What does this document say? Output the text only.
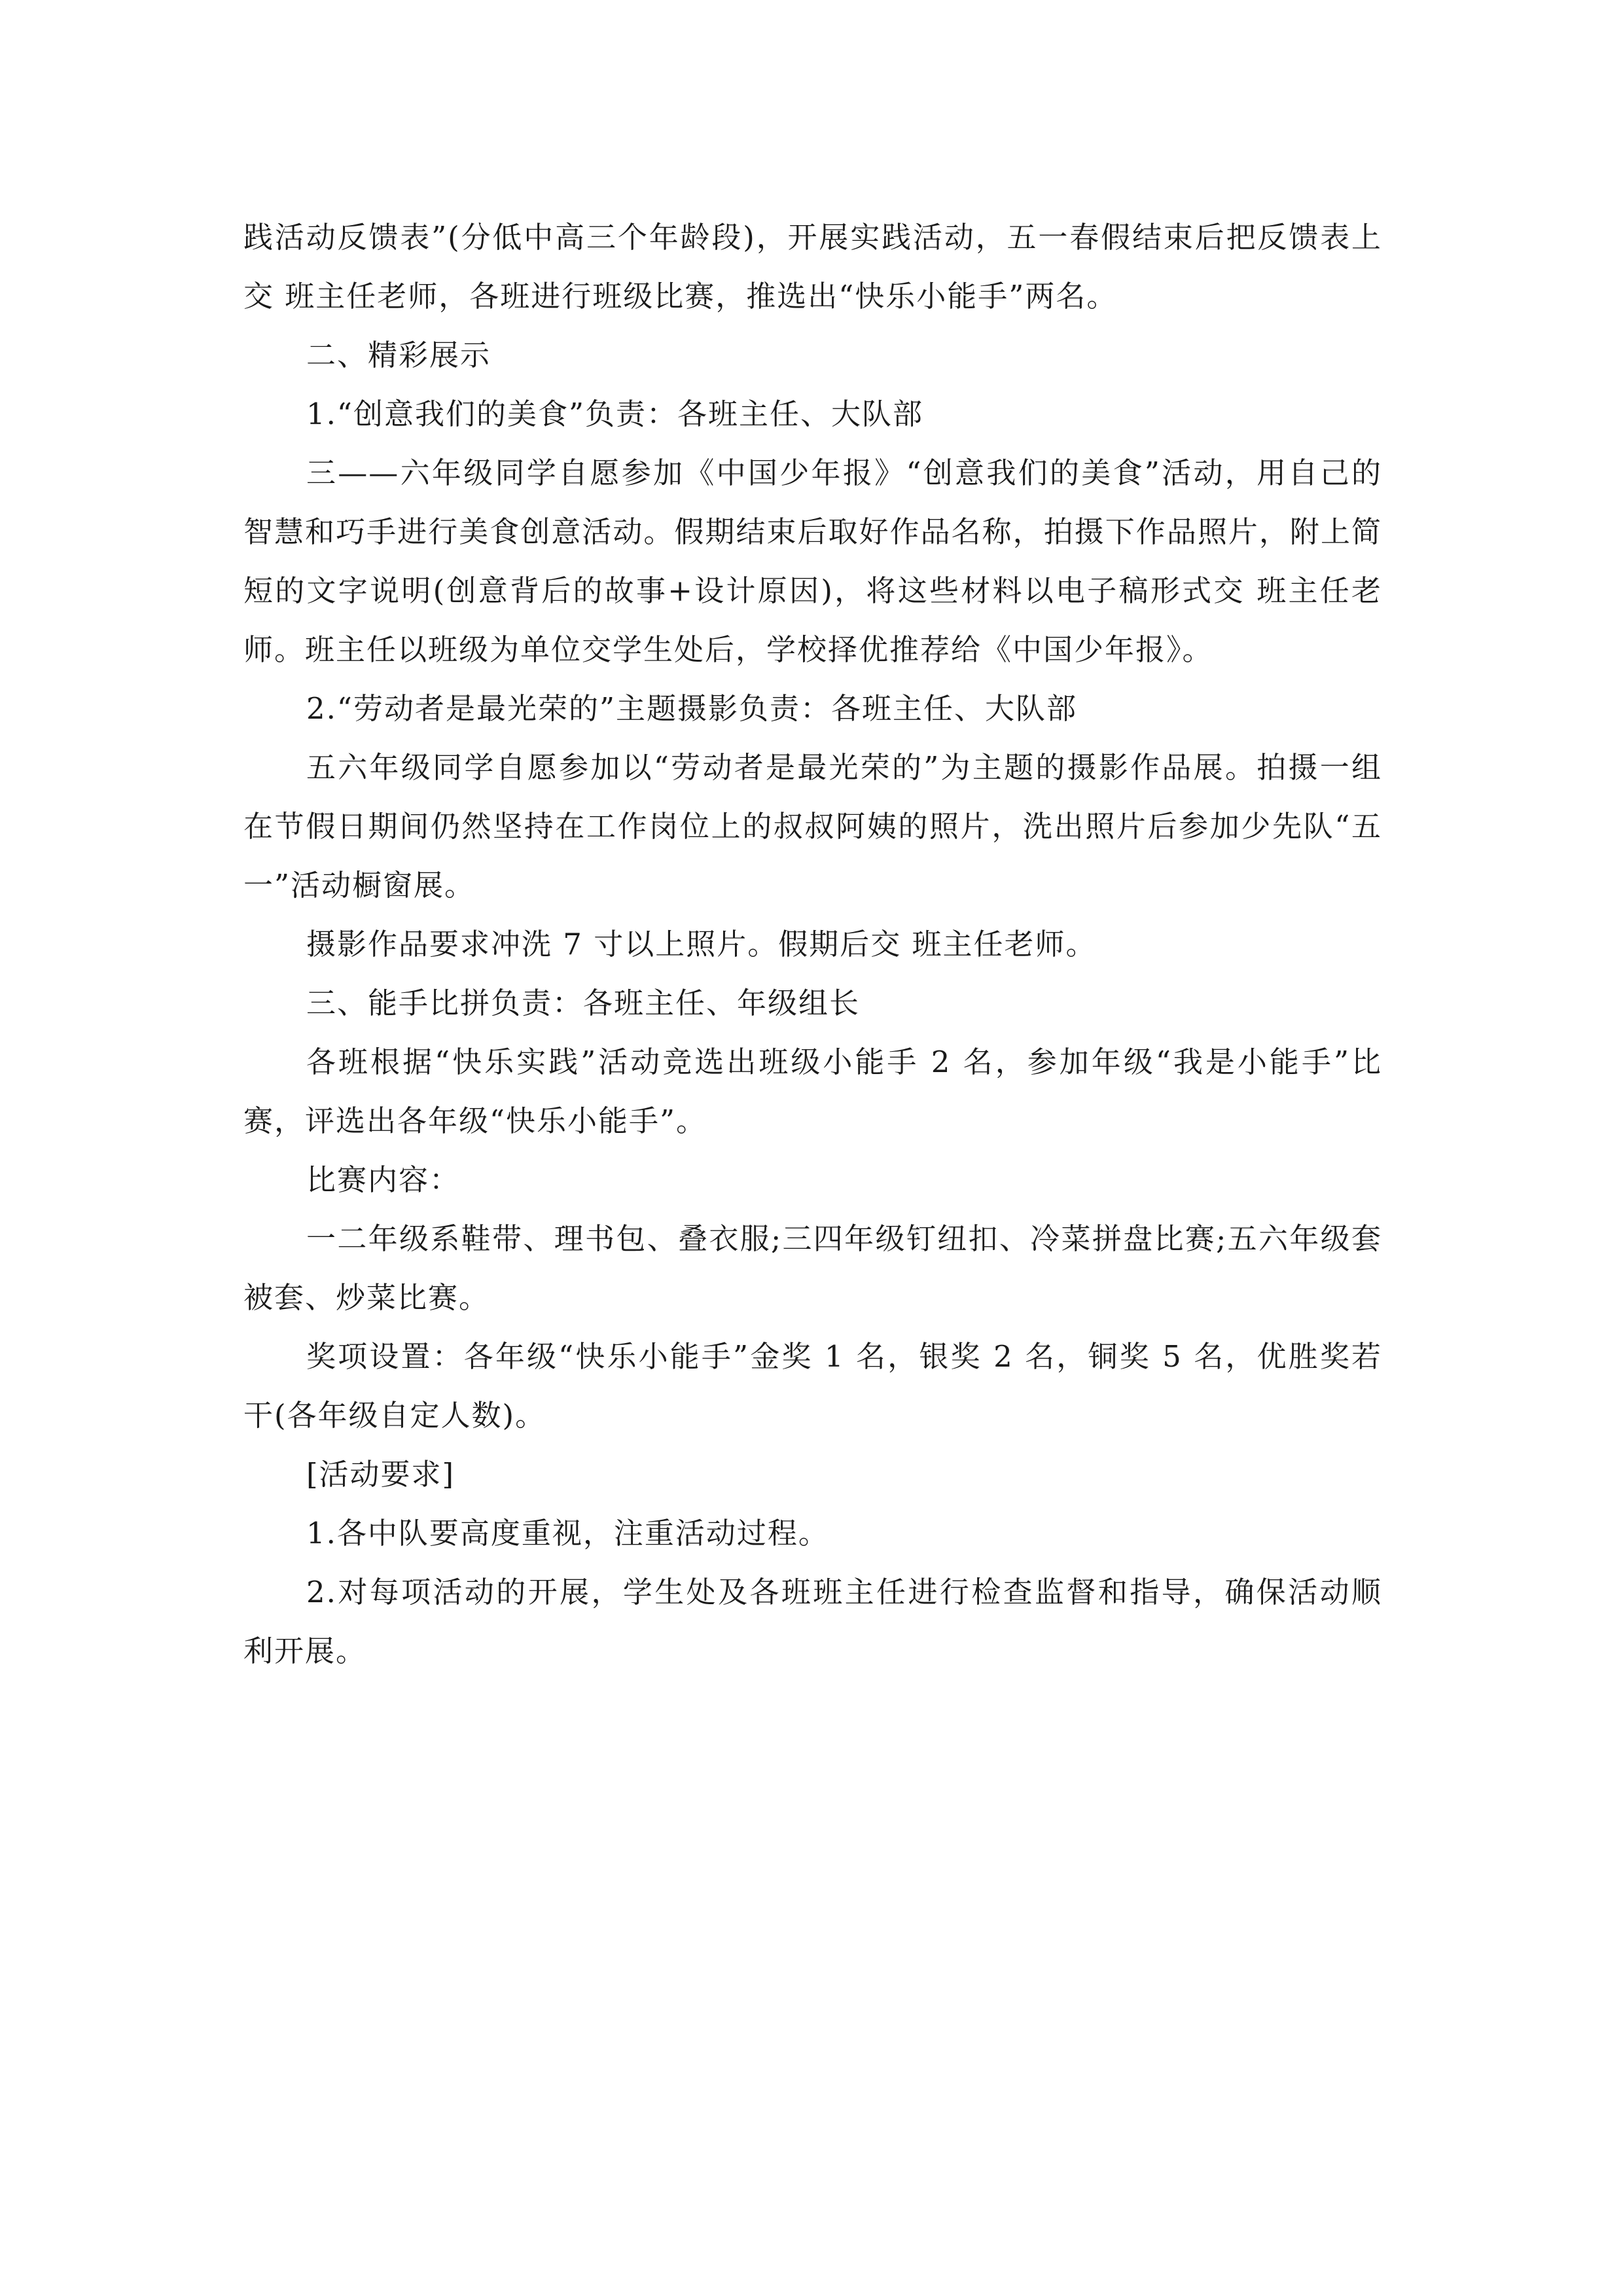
践活动反馈表”(分低中高三个年龄段)，开展实践活动，五一春假结束后把反馈表上交 班主任老师，各班进行班级比赛，推选出“快乐小能手”两名。

二、精彩展示

1.“创意我们的美食”负责：各班主任、大队部

三——六年级同学自愿参加《中国少年报》“创意我们的美食”活动，用自己的智慧和巧手进行美食创意活动。假期结束后取好作品名称，拍摄下作品照片，附上简短的文字说明(创意背后的故事+设计原因)，将这些材料以电子稿形式交 班主任老师。班主任以班级为单位交学生处后，学校择优推荐给《中国少年报》。

2.“劳动者是最光荣的”主题摄影负责：各班主任、大队部

五六年级同学自愿参加以“劳动者是最光荣的”为主题的摄影作品展。拍摄一组在节假日期间仍然坚持在工作岗位上的叔叔阿姨的照片，洗出照片后参加少先队“五一”活动橱窗展。

摄影作品要求冲洗 7 寸以上照片。假期后交 班主任老师。

三、能手比拼负责：各班主任、年级组长

各班根据“快乐实践”活动竞选出班级小能手 2 名，参加年级“我是小能手”比赛，评选出各年级“快乐小能手”。

比赛内容：

一二年级系鞋带、理书包、叠衣服;三四年级钉纽扣、冷菜拼盘比赛;五六年级套被套、炒菜比赛。

奖项设置：各年级“快乐小能手”金奖 1 名，银奖 2 名，铜奖 5 名，优胜奖若干(各年级自定人数)。

[活动要求]

1.各中队要高度重视，注重活动过程。

2.对每项活动的开展，学生处及各班班主任进行检查监督和指导，确保活动顺利开展。
